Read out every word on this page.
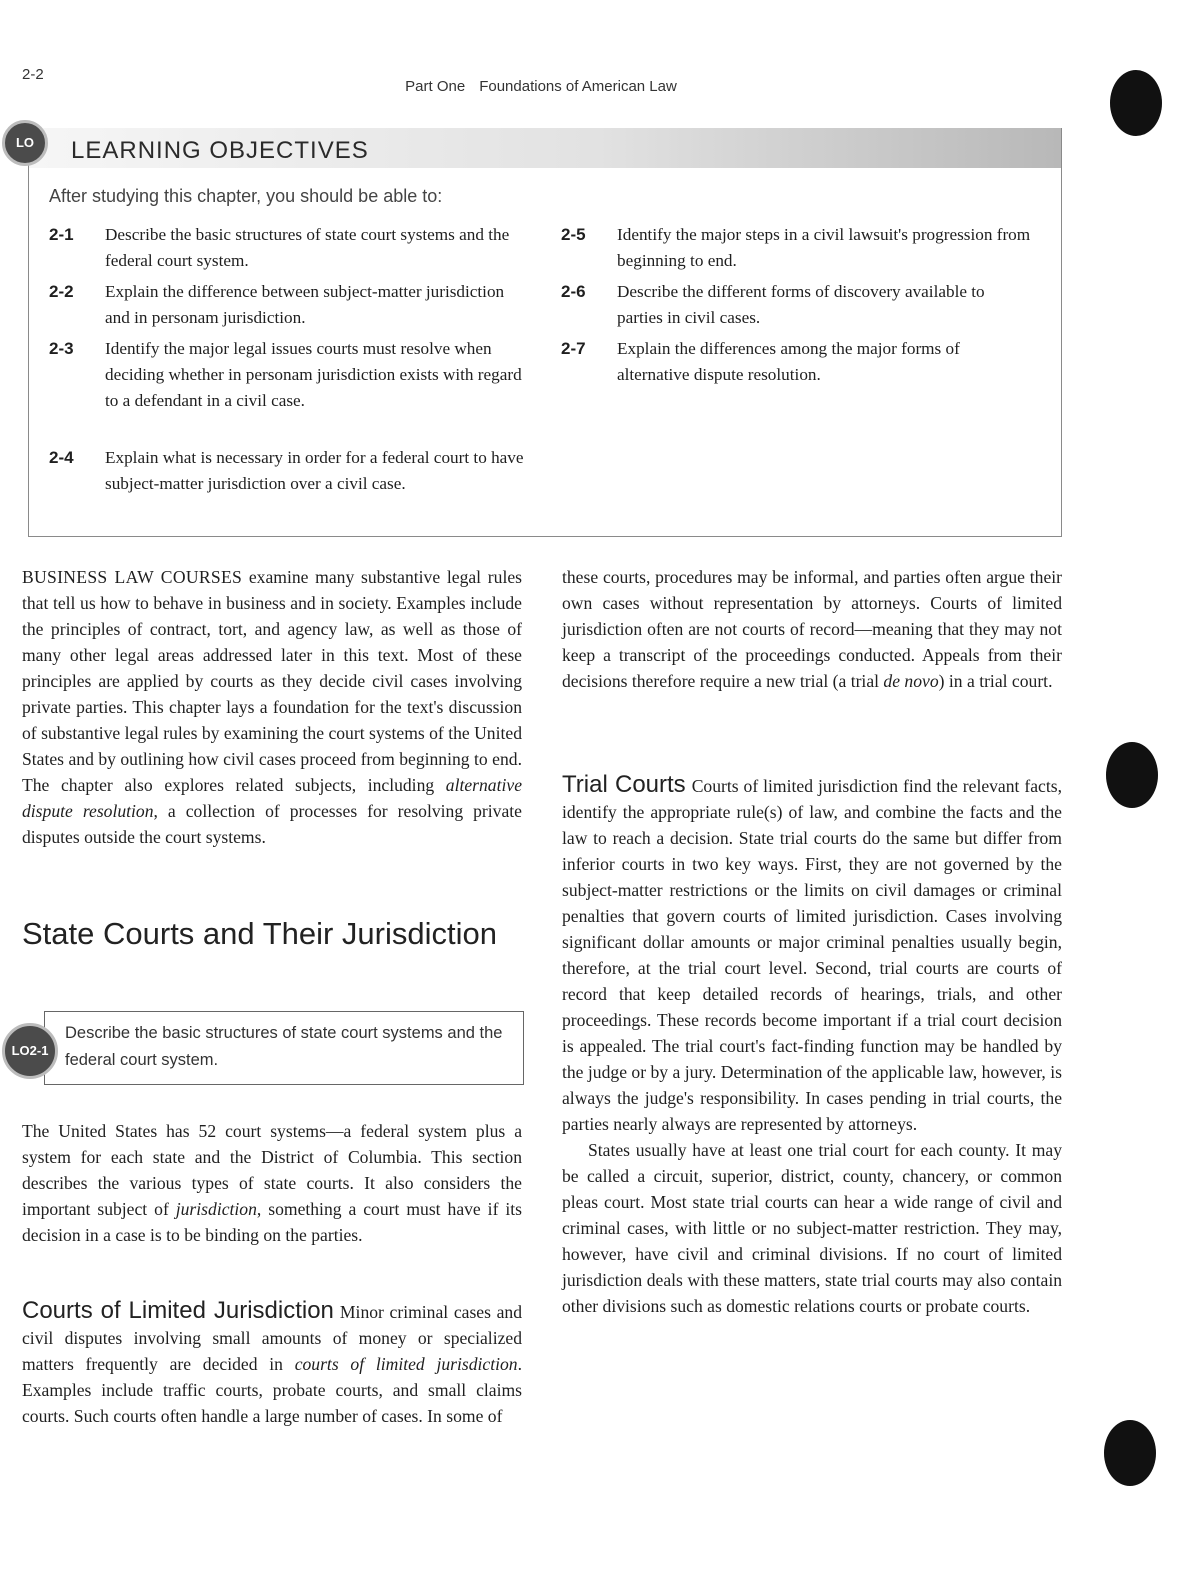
2-2
Part One Foundations of American Law
LEARNING OBJECTIVES
After studying this chapter, you should be able to:
2-1 Describe the basic structures of state court systems and the federal court system.
2-2 Explain the difference between subject-matter jurisdiction and in personam jurisdiction.
2-3 Identify the major legal issues courts must resolve when deciding whether in personam jurisdiction exists with regard to a defendant in a civil case.
2-4 Explain what is necessary in order for a federal court to have subject-matter jurisdiction over a civil case.
2-5 Identify the major steps in a civil lawsuit's progression from beginning to end.
2-6 Describe the different forms of discovery available to parties in civil cases.
2-7 Explain the differences among the major forms of alternative dispute resolution.
LO

BUSINESS LAW COURSES examine many substantive legal rules that tell us how to behave in business and in society. Examples include the principles of contract, tort, and agency law, as well as those of many other legal areas addressed later in this text. Most of these principles are applied by courts as they decide civil cases involving private parties. This chapter lays a foundation for the text's discussion of substantive legal rules by examining the court systems of the United States and by outlining how civil cases proceed from beginning to end. The chapter also explores related subjects, including alternative dispute resolution, a collection of processes for resolving private disputes outside the court systems.

State Courts and Their Jurisdiction
Describe the basic structures of state court systems and the federal court system.
LO2-1

The United States has 52 court systems—a federal system plus a system for each state and the District of Columbia. This section describes the various types of state courts. It also considers the important subject of jurisdiction, something a court must have if its decision in a case is to be binding on the parties.

Courts of Limited Jurisdiction Minor criminal cases and civil disputes involving small amounts of money or specialized matters frequently are decided in courts of limited jurisdiction. Examples include traffic courts, probate courts, and small claims courts. Such courts often handle a large number of cases. In some of

these courts, procedures may be informal, and parties often argue their own cases without representation by attorneys. Courts of limited jurisdiction often are not courts of record—meaning that they may not keep a transcript of the proceedings conducted. Appeals from their decisions therefore require a new trial (a trial de novo) in a trial court.

Trial Courts Courts of limited jurisdiction find the relevant facts, identify the appropriate rule(s) of law, and combine the facts and the law to reach a decision. State trial courts do the same but differ from inferior courts in two key ways. First, they are not governed by the subject-matter restrictions or the limits on civil damages or criminal penalties that govern courts of limited jurisdiction. Cases involving significant dollar amounts or major criminal penalties usually begin, therefore, at the trial court level. Second, trial courts are courts of record that keep detailed records of hearings, trials, and other proceedings. These records become important if a trial court decision is appealed. The trial court's fact-finding function may be handled by the judge or by a jury. Determination of the applicable law, however, is always the judge's responsibility. In cases pending in trial courts, the parties nearly always are represented by attorneys.

States usually have at least one trial court for each county. It may be called a circuit, superior, district, county, chancery, or common pleas court. Most state trial courts can hear a wide range of civil and criminal cases, with little or no subject-matter restriction. They may, however, have civil and criminal divisions. If no court of limited jurisdiction deals with these matters, state trial courts may also contain other divisions such as domestic relations courts or probate courts.
